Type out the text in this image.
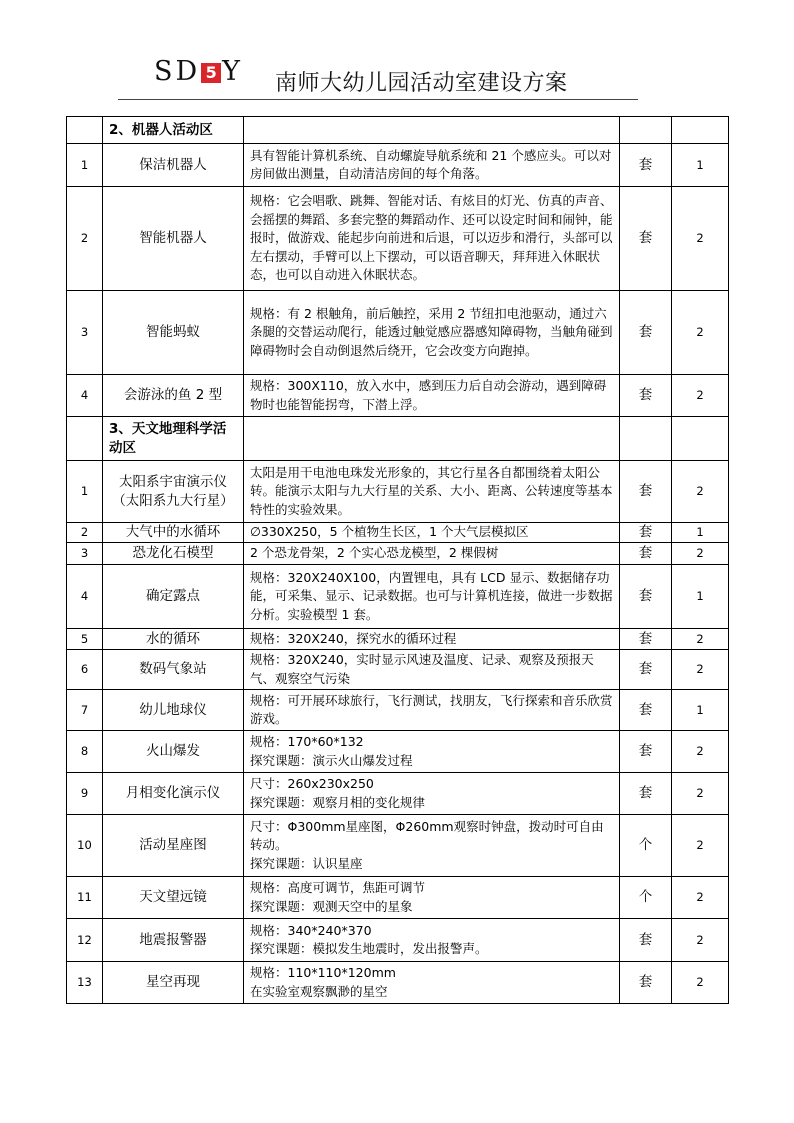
SD 5 Y 南师大幼儿园活动室建设方案
	2、机器人活动区			
1	保洁机器人	具有智能计算机系统、自动螺旋导航系统和 21 个感应头。可以对房间做出测量，自动清洁房间的每个角落。	套	1
2	智能机器人	规格：它会唱歌、跳舞、智能对话、有炫目的灯光、仿真的声音、会摇摆的舞蹈、多套完整的舞蹈动作、还可以设定时间和闹钟，能报时，做游戏、能起步向前进和后退，可以迈步和滑行，头部可以左右摆动，手臂可以上下摆动，可以语音聊天，拜拜进入休眠状态，也可以自动进入休眠状态。	套	2
3	智能蚂蚁	规格：有 2 根触角，前后触控，采用 2 节纽扣电池驱动，通过六条腿的交替运动爬行，能透过触觉感应器感知障碍物，当触角碰到障碍物时会自动倒退然后绕开，它会改变方向跑掉。	套	2
4	会游泳的鱼 2 型	规格：300X110，放入水中，感到压力后自动会游动，遇到障碍物时也能智能拐弯，下潜上浮。	套	2
	3、天文地理科学活动区			
1	太阳系宇宙演示仪（太阳系九大行星）	太阳是用干电池电珠发光形象的，其它行星各自都围绕着太阳公转。能演示太阳与九大行星的关系、大小、距离、公转速度等基本特性的实验效果。	套	2
2	大气中的水循环	∅330X250，5 个植物生长区，1 个大气层模拟区	套	1
3	恐龙化石模型	2 个恐龙骨架，2 个实心恐龙模型，2 棵假树	套	2
4	确定露点	规格：320X240X100，内置锂电，具有 LCD 显示、数据储存功能，可采集、显示、记录数据。也可与计算机连接，做进一步数据分析。实验模型 1 套。	套	1
5	水的循环	规格：320X240，探究水的循环过程	套	2
6	数码气象站	规格：320X240，实时显示风速及温度、记录、观察及预报天气、观察空气污染	套	2
7	幼儿地球仪	规格：可开展环球旅行，飞行测试，找朋友，飞行探索和音乐欣赏游戏。	套	1
8	火山爆发	规格：170*60*132
探究课题：演示火山爆发过程	套	2
9	月相变化演示仪	尺寸：260x230x250
探究课题：观察月相的变化规律	套	2
10	活动星座图	尺寸：Φ300mm星座图，Φ260mm观察时钟盘，拨动时可自由转动。
探究课题：认识星座	个	2
11	天文望远镜	规格：高度可调节，焦距可调节
探究课题：观测天空中的星象	个	2
12	地震报警器	规格：340*240*370
探究课题：模拟发生地震时，发出报警声。	套	2
13	星空再现	规格：110*110*120mm
在实验室观察飘渺的星空	套	2
